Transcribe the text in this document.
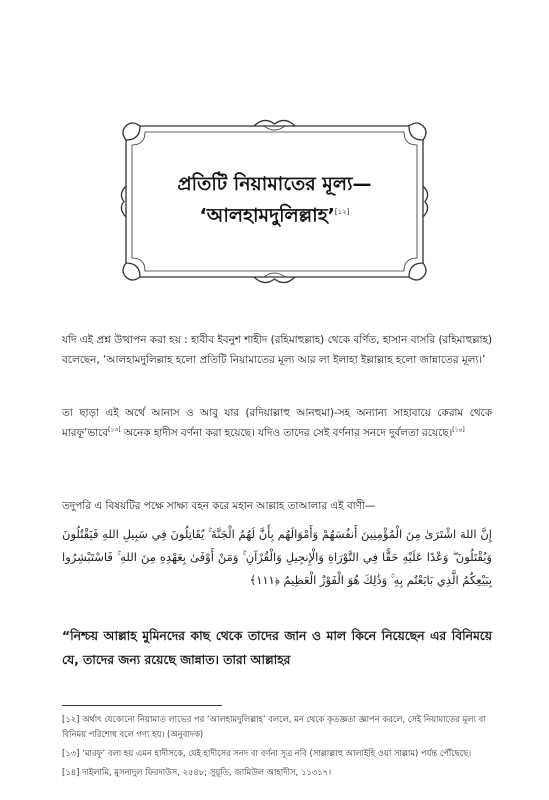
প্রতিটি নিয়ামাতের মূল্য—
‘আলহামদুলিল্লাহ’[১২]

যদি এই প্রশ্ন উত্থাপন করা হয় : হাবীব ইবনুশ শাহীদ (রহিমাহুল্লাহ) থেকে বর্ণিত, হাসান বাসরি (রহিমাহুল্লাহ) বলেছেন, ‘আলহামদুলিল্লাহ হলো প্রতিটি নিয়ামাতের মূল্য আর লা ইলাহা ইল্লাল্লাহ হলো জান্নাতের মূল্য।’

তা ছাড়া এই অর্থে আনাস ও আবু যার (রদিয়াল্লাহু আনহুমা)-সহ অন্যান্য সাহাবায়ে কেরাম থেকে মারফূ’ভাবে[১৩] অনেক হাদীস বর্ণনা করা হয়েছে। যদিও তাদের সেই বর্ণনার সনদে দুর্বলতা রয়েছে।[১৪]

তদুপরি এ বিষয়টির পক্ষে সাক্ষ্য বহন করে মহান আল্লাহ তাআলার এই বাণী—

إِنَّ اللهَ اشْتَرَىٰ مِنَ الْمُؤْمِنِينَ أَنفُسَهُمْ وَأَمْوَالَهُم بِأَنَّ لَهُمُ الْجَنَّةَ ۚ يُقَاتِلُونَ فِي سَبِيلِ اللهِ فَيَقْتُلُونَ وَيُقْتَلُونَ ۖ وَعْدًا عَلَيْهِ حَقًّا فِي التَّوْرَاةِ وَالْإِنجِيلِ وَالْقُرْآنِ ۚ وَمَنْ أَوْفَىٰ بِعَهْدِهِ مِنَ اللهِ ۚ فَاسْتَبْشِرُوا بِبَيْعِكُمُ الَّذِي بَايَعْتُم بِهِ ۚ وَذَٰلِكَ هُوَ الْفَوْزُ الْعَظِيمُ ﴿١١١﴾

“নিশ্চয় আল্লাহ মুমিনদের কাছ থেকে তাদের জান ও মাল কিনে নিয়েছেন এর বিনিময়ে যে, তাদের জন্য রয়েছে জান্নাত। তারা আল্লাহর

[১২] অর্থাৎ যেকোনো নিয়ামাত লাভের পর ‘আলহামদুলিল্লাহ’ বললে, মন থেকে কৃতজ্ঞতা জ্ঞাপন করলে, সেই নিয়ামাতের মূল্য বা বিনিময় পরিশোধ বলে গণ্য হয়। (অনুবাদক)

[১৩] ‘মারফূ’ বলা হয় এমন হাদীসকে, যেই হাদীসের সনদ বা বর্ণনা সূত্র নবি (সাল্লাল্লাহু আলাইহি ওয়া সাল্লাম) পর্যন্ত পৌঁছেছে।

[১৪] দাইলামি, মুসনাদুল ফিরদাউস, ২৫৪৮; সুয়ূতি, জামিউল আহাদীস, ১১৩১৭।
